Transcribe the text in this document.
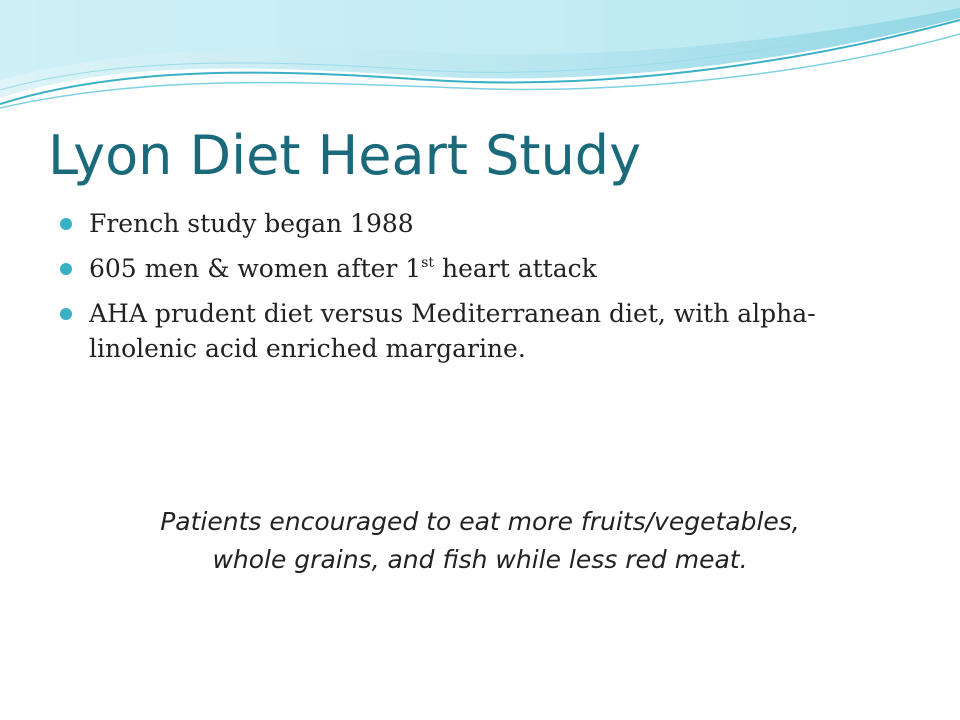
Lyon Diet Heart Study
French study began 1988
605 men & women after 1st heart attack
AHA prudent diet versus Mediterranean diet, with alpha-linolenic acid enriched margarine.

Patients encouraged to eat more fruits/vegetables,
whole grains, and fish while less red meat.
